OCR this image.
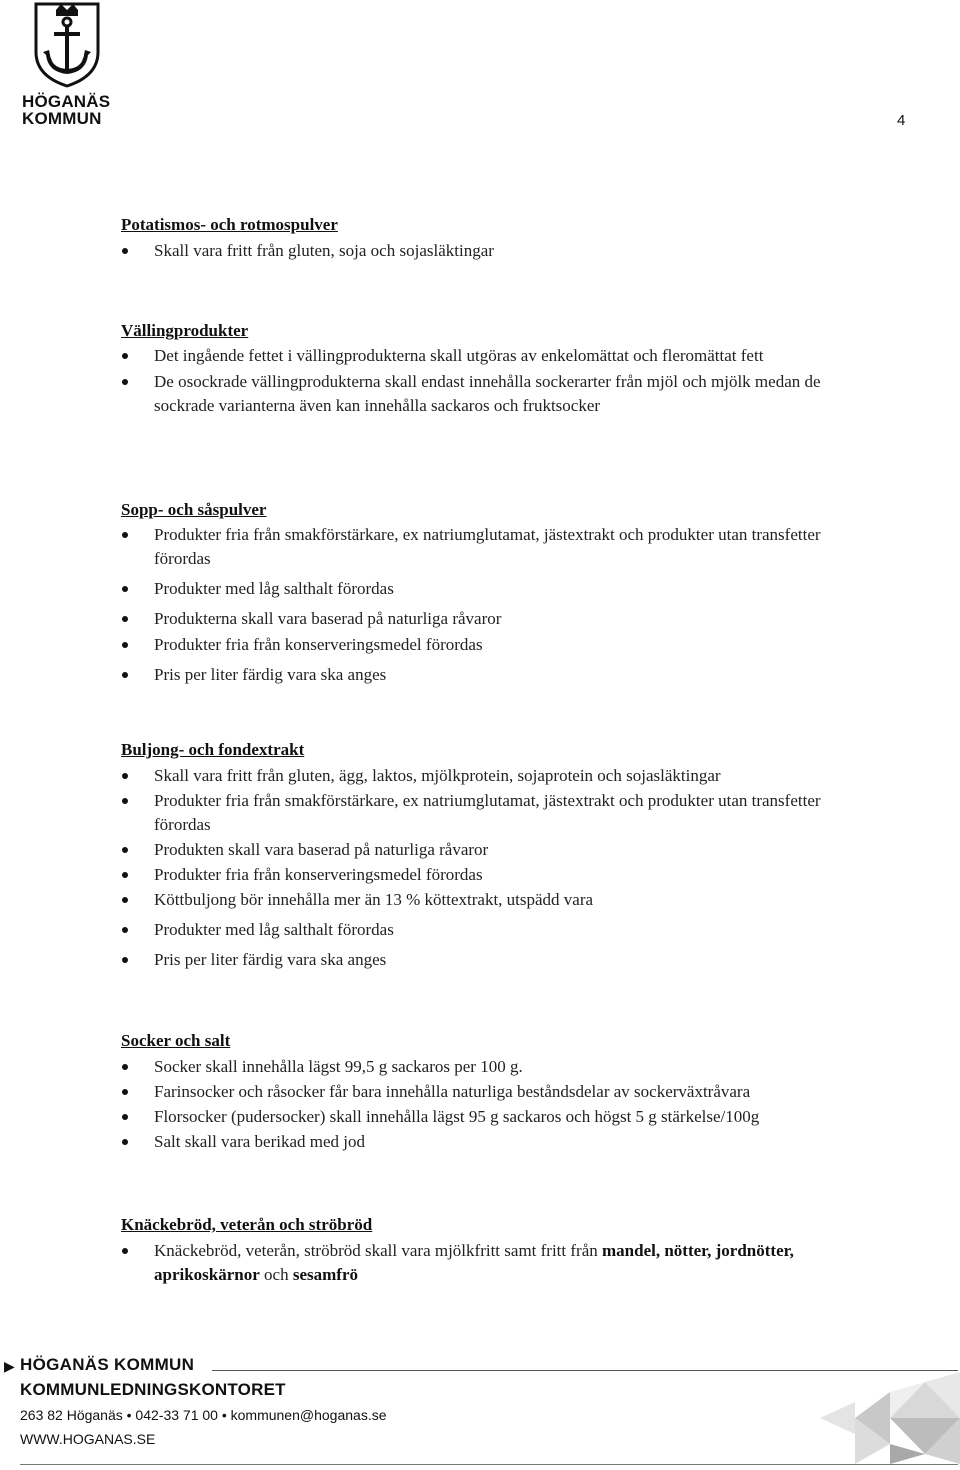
HÖGANÄS
KOMMUN	4
Potatismos- och rotmospulver
Skall vara fritt från gluten, soja och sojasläktingar
Vällingprodukter
Det ingående fettet i vällingprodukterna skall utgöras av enkelomättat och fleromättat fett
De osockrade vällingprodukterna skall endast innehålla sockerarter från mjöl och mjölk medan de sockrade varianterna även kan innehålla sackaros och fruktsocker
Sopp- och såspulver
Produkter fria från smakförstärkare, ex natriumglutamat, jästextrakt och produkter utan transfetter förordas
Produkter med låg salthalt förordas
Produkterna skall vara baserad på naturliga råvaror
Produkter fria från konserveringsmedel förordas
Pris per liter färdig vara ska anges
Buljong- och fondextrakt
Skall vara fritt från gluten, ägg, laktos, mjölkprotein, sojaprotein och sojasläktingar
Produkter fria från smakförstärkare, ex natriumglutamat, jästextrakt och produkter utan transfetter förordas
Produkten skall vara baserad på naturliga råvaror
Produkter fria från konserveringsmedel förordas
Köttbuljong bör innehålla mer än 13 % köttextrakt, utspädd vara
Produkter med låg salthalt förordas
Pris per liter färdig vara ska anges
Socker och salt
Socker skall innehålla lägst 99,5 g sackaros per 100 g.
Farinsocker och råsocker får bara innehålla naturliga beståndsdelar av sockerväxtråvara
Florsocker (pudersocker) skall innehålla lägst 95 g sackaros och högst 5 g stärkelse/100g
Salt skall vara berikad med jod
Knäckebröd, veterån och ströbröd
Knäckebröd, veterån, ströbröd skall vara mjölkfritt samt fritt från mandel, nötter, jordnötter, aprikoskärnor och sesamfrö
▶ HÖGANÄS KOMMUN
KOMMUNLEDNINGSKONTORET
263 82 Höganäs • 042-33 71 00 • kommunen@hoganas.se
WWW.HOGANAS.SE
